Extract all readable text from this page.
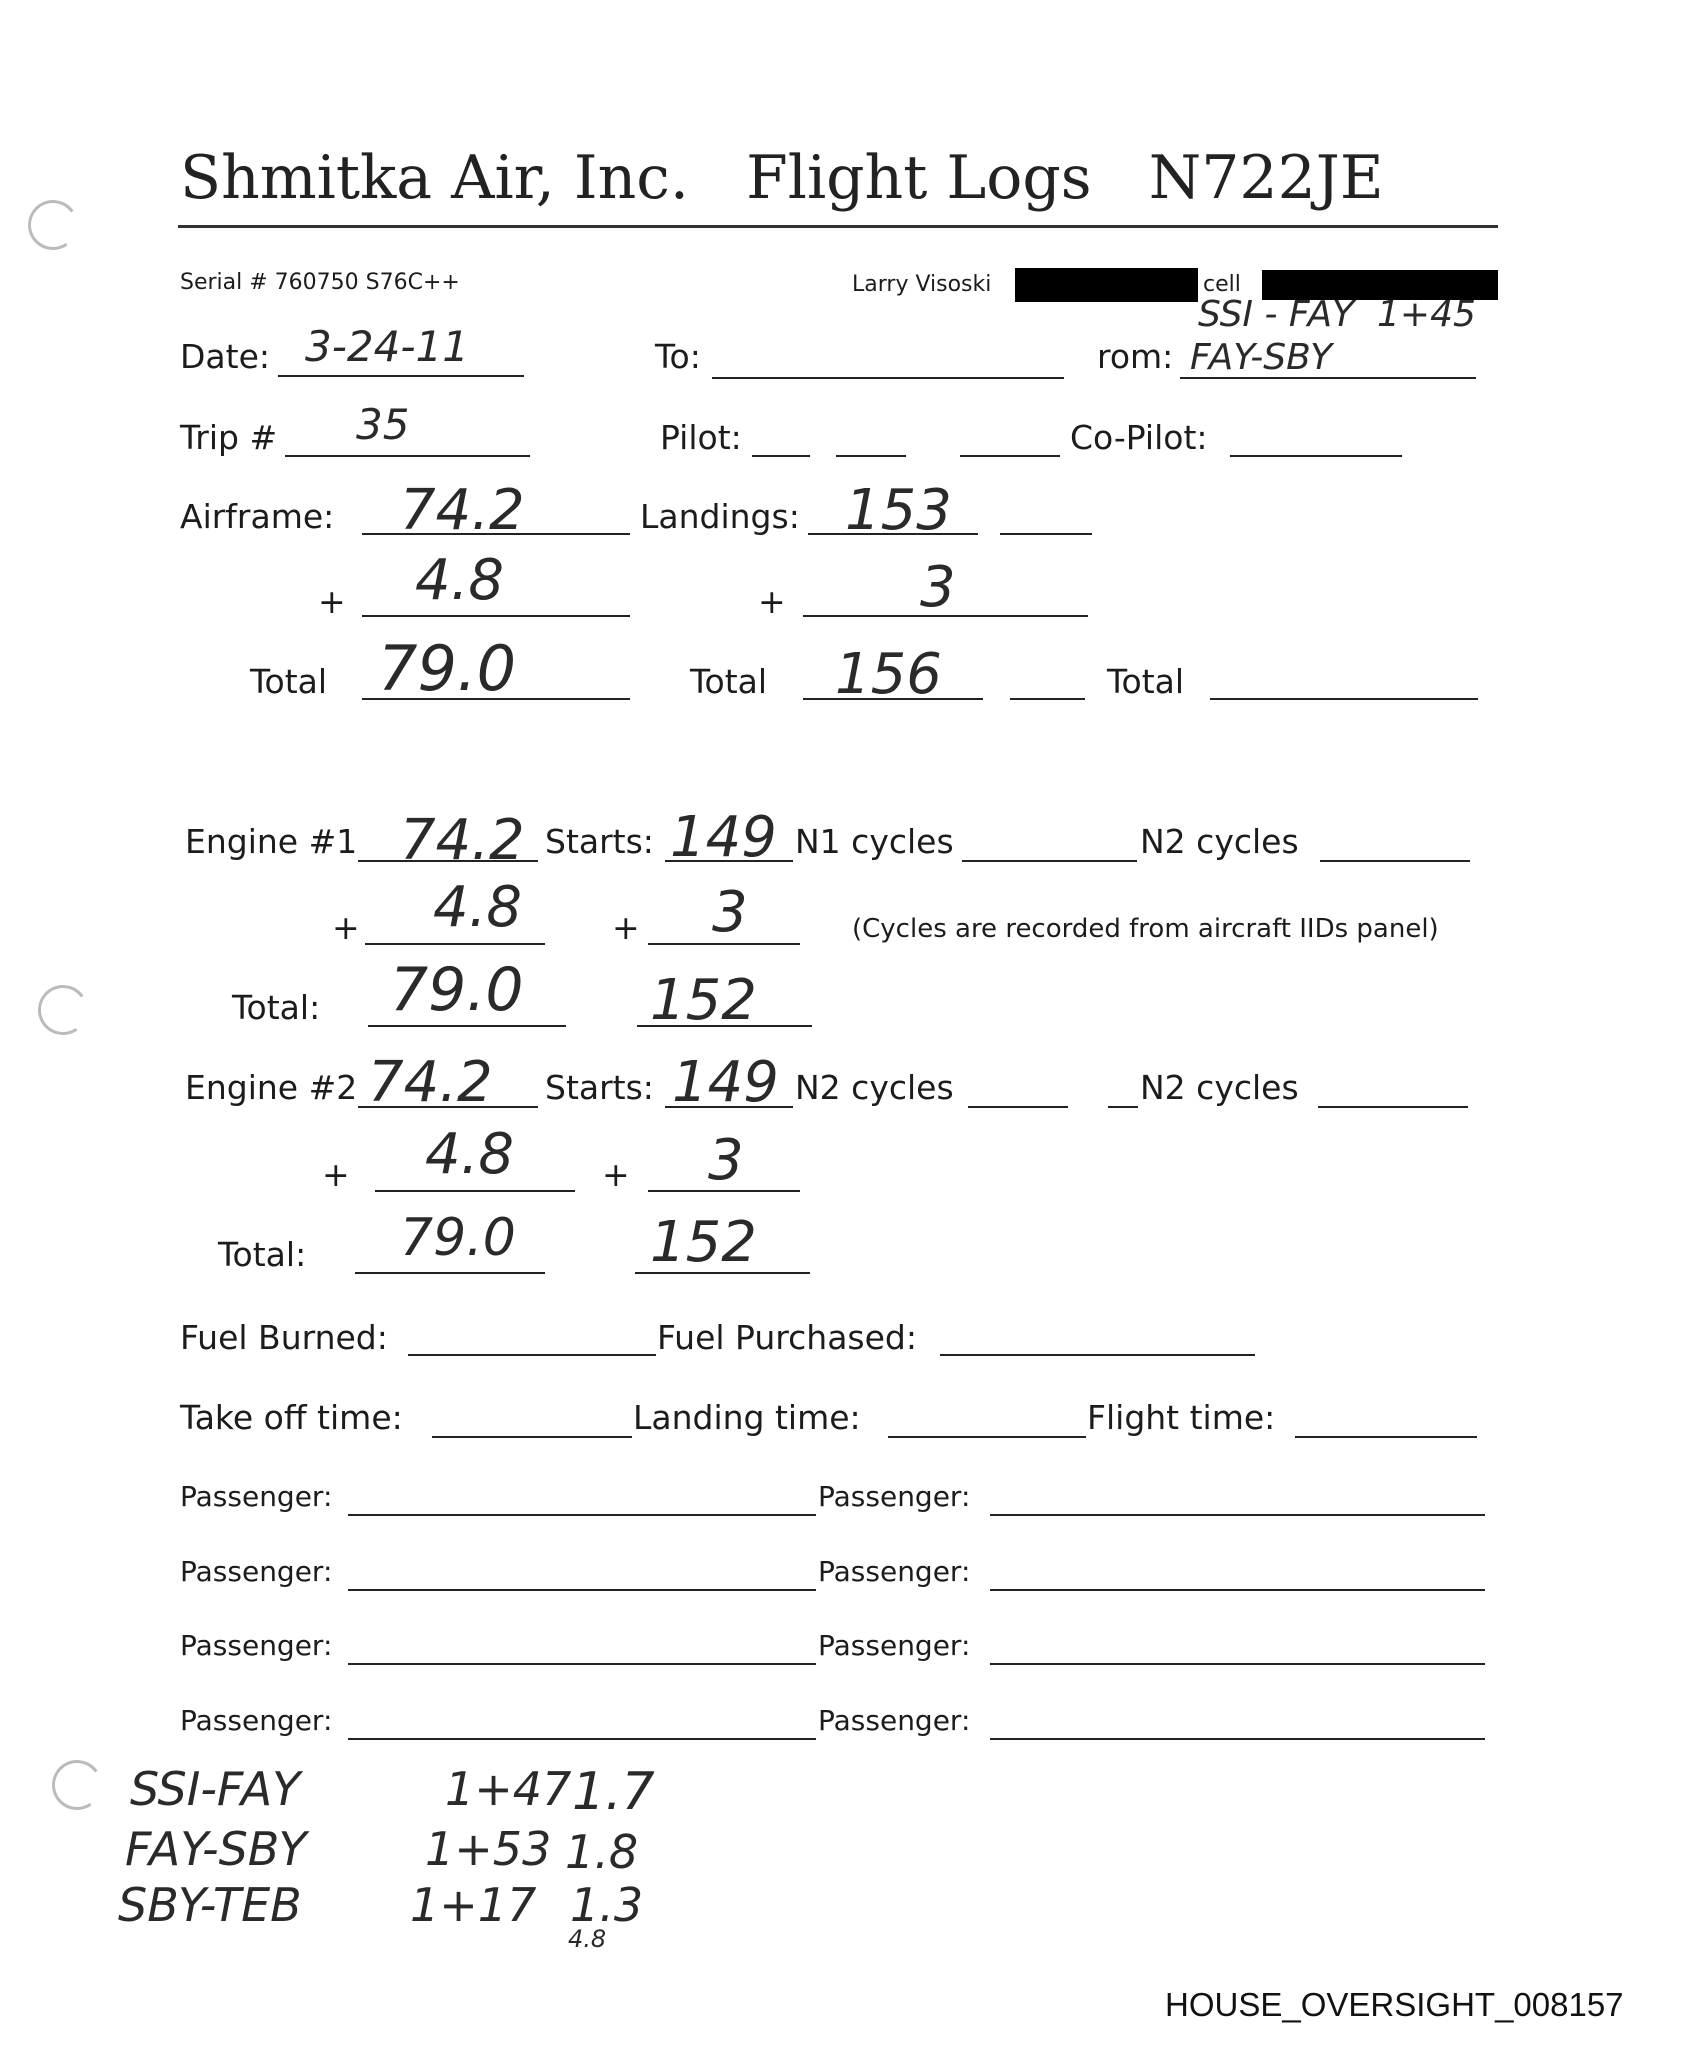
Shmitka Air, Inc.   Flight Logs   N722JE
Serial # 760750 S76C++	Larry Visoski	cell
Date: 3-24-11	To:	rom: FAY-SBY
SSI - FAY  1+45
Trip # 35	Pilot:	Co-Pilot:
Airframe: 74.2	Landings: 153
+ 4.8	+ 3
Total 79.0	Total 156	Total
Engine #1 74.2 Starts: 149 N1 cycles	N2 cycles
+ 4.8	+ 3	(Cycles are recorded from aircraft IIDs panel)
Total: 79.0 152
Engine #2 74.2 Starts: 149 N2 cycles	N2 cycles
+ 4.8	+ 3
Total: 79.0 152
Fuel Burned:	Fuel Purchased:
Take off time:	Landing time:	Flight time:
Passenger:	Passenger:
Passenger:	Passenger:
Passenger:	Passenger:
Passenger:	Passenger:
SSI-FAY	1+47 1.7
FAY-SBY	1+53 1.8
SBY-TEB 1+17 1.3
4.8
HOUSE_OVERSIGHT_008157
